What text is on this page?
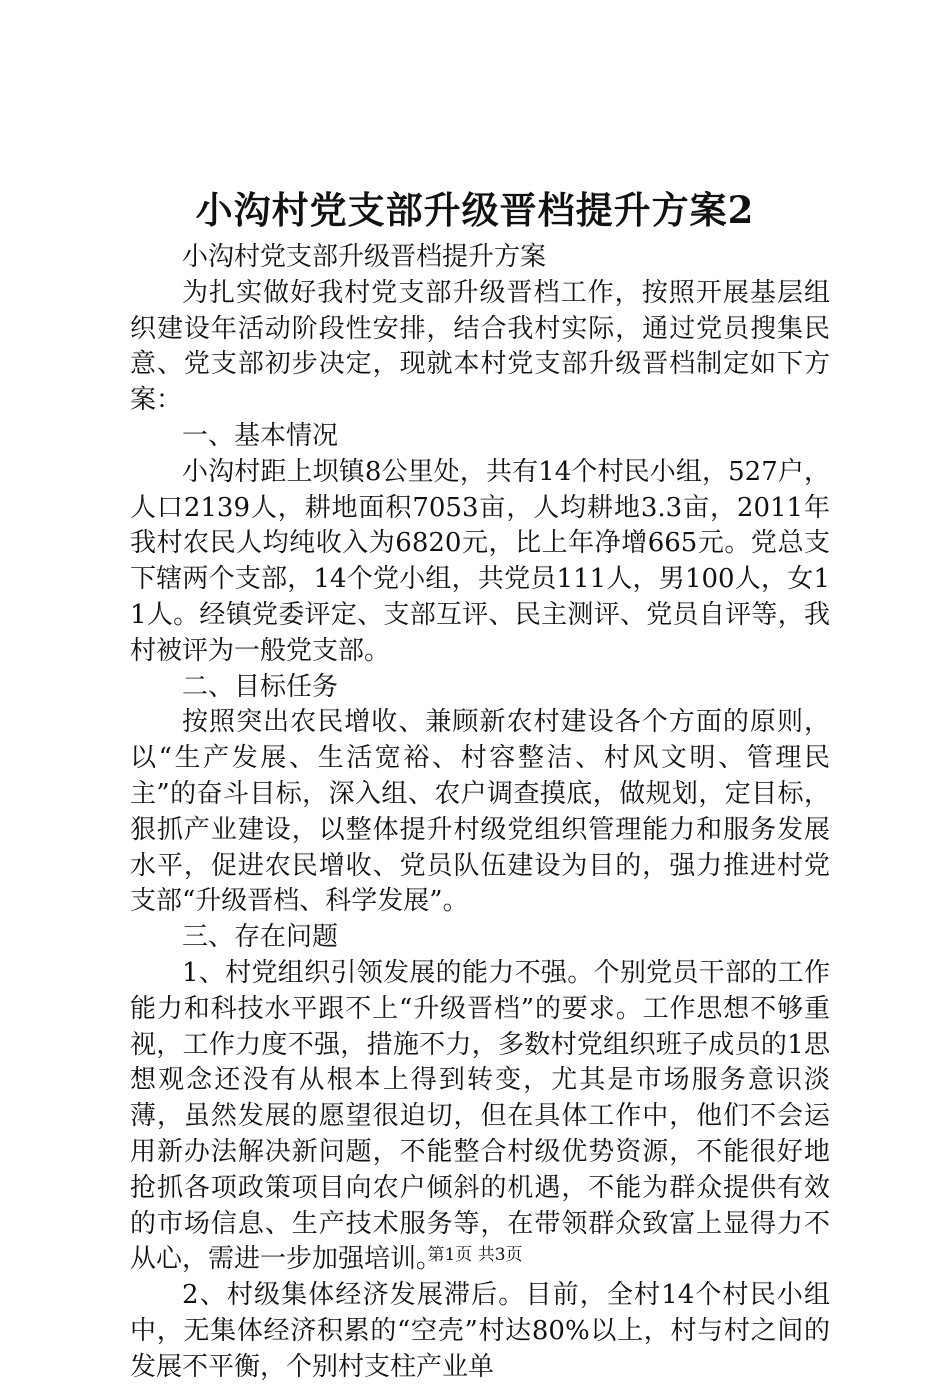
小沟村党支部升级晋档提升方案2

小沟村党支部升级晋档提升方案

为扎实做好我村党支部升级晋档工作，按照开展基层组织建设年活动阶段性安排，结合我村实际，通过党员搜集民意、党支部初步决定，现就本村党支部升级晋档制定如下方案：

一、基本情况

小沟村距上坝镇8公里处，共有14个村民小组，527户，人口2139人，耕地面积7053亩，人均耕地3.3亩，2011年我村农民人均纯收入为6820元，比上年净增665元。党总支下辖两个支部，14个党小组，共党员111人，男100人，女11人。经镇党委评定、支部互评、民主测评、党员自评等，我村被评为一般党支部。

二、目标任务

按照突出农民增收、兼顾新农村建设各个方面的原则，以“生产发展、生活宽裕、村容整洁、村风文明、管理民主”的奋斗目标，深入组、农户调查摸底，做规划，定目标，狠抓产业建设，以整体提升村级党组织管理能力和服务发展水平，促进农民增收、党员队伍建设为目的，强力推进村党支部“升级晋档、科学发展”。

三、存在问题

1、村党组织引领发展的能力不强。个别党员干部的工作能力和科技水平跟不上“升级晋档”的要求。工作思想不够重视，工作力度不强，措施不力，多数村党组织班子成员的1思想观念还没有从根本上得到转变，尤其是市场服务意识淡薄，虽然发展的愿望很迫切，但在具体工作中，他们不会运用新办法解决新问题，不能整合村级优势资源，不能很好地抢抓各项政策项目向农户倾斜的机遇，不能为群众提供有效的市场信息、生产技术服务等，在带领群众致富上显得力不从心，需进一步加强培训。

2、村级集体经济发展滞后。目前，全村14个村民小组中，无集体经济积累的“空壳”村达80%以上，村与村之间的发展不平衡，个别村支柱产业单

第1页 共3页
